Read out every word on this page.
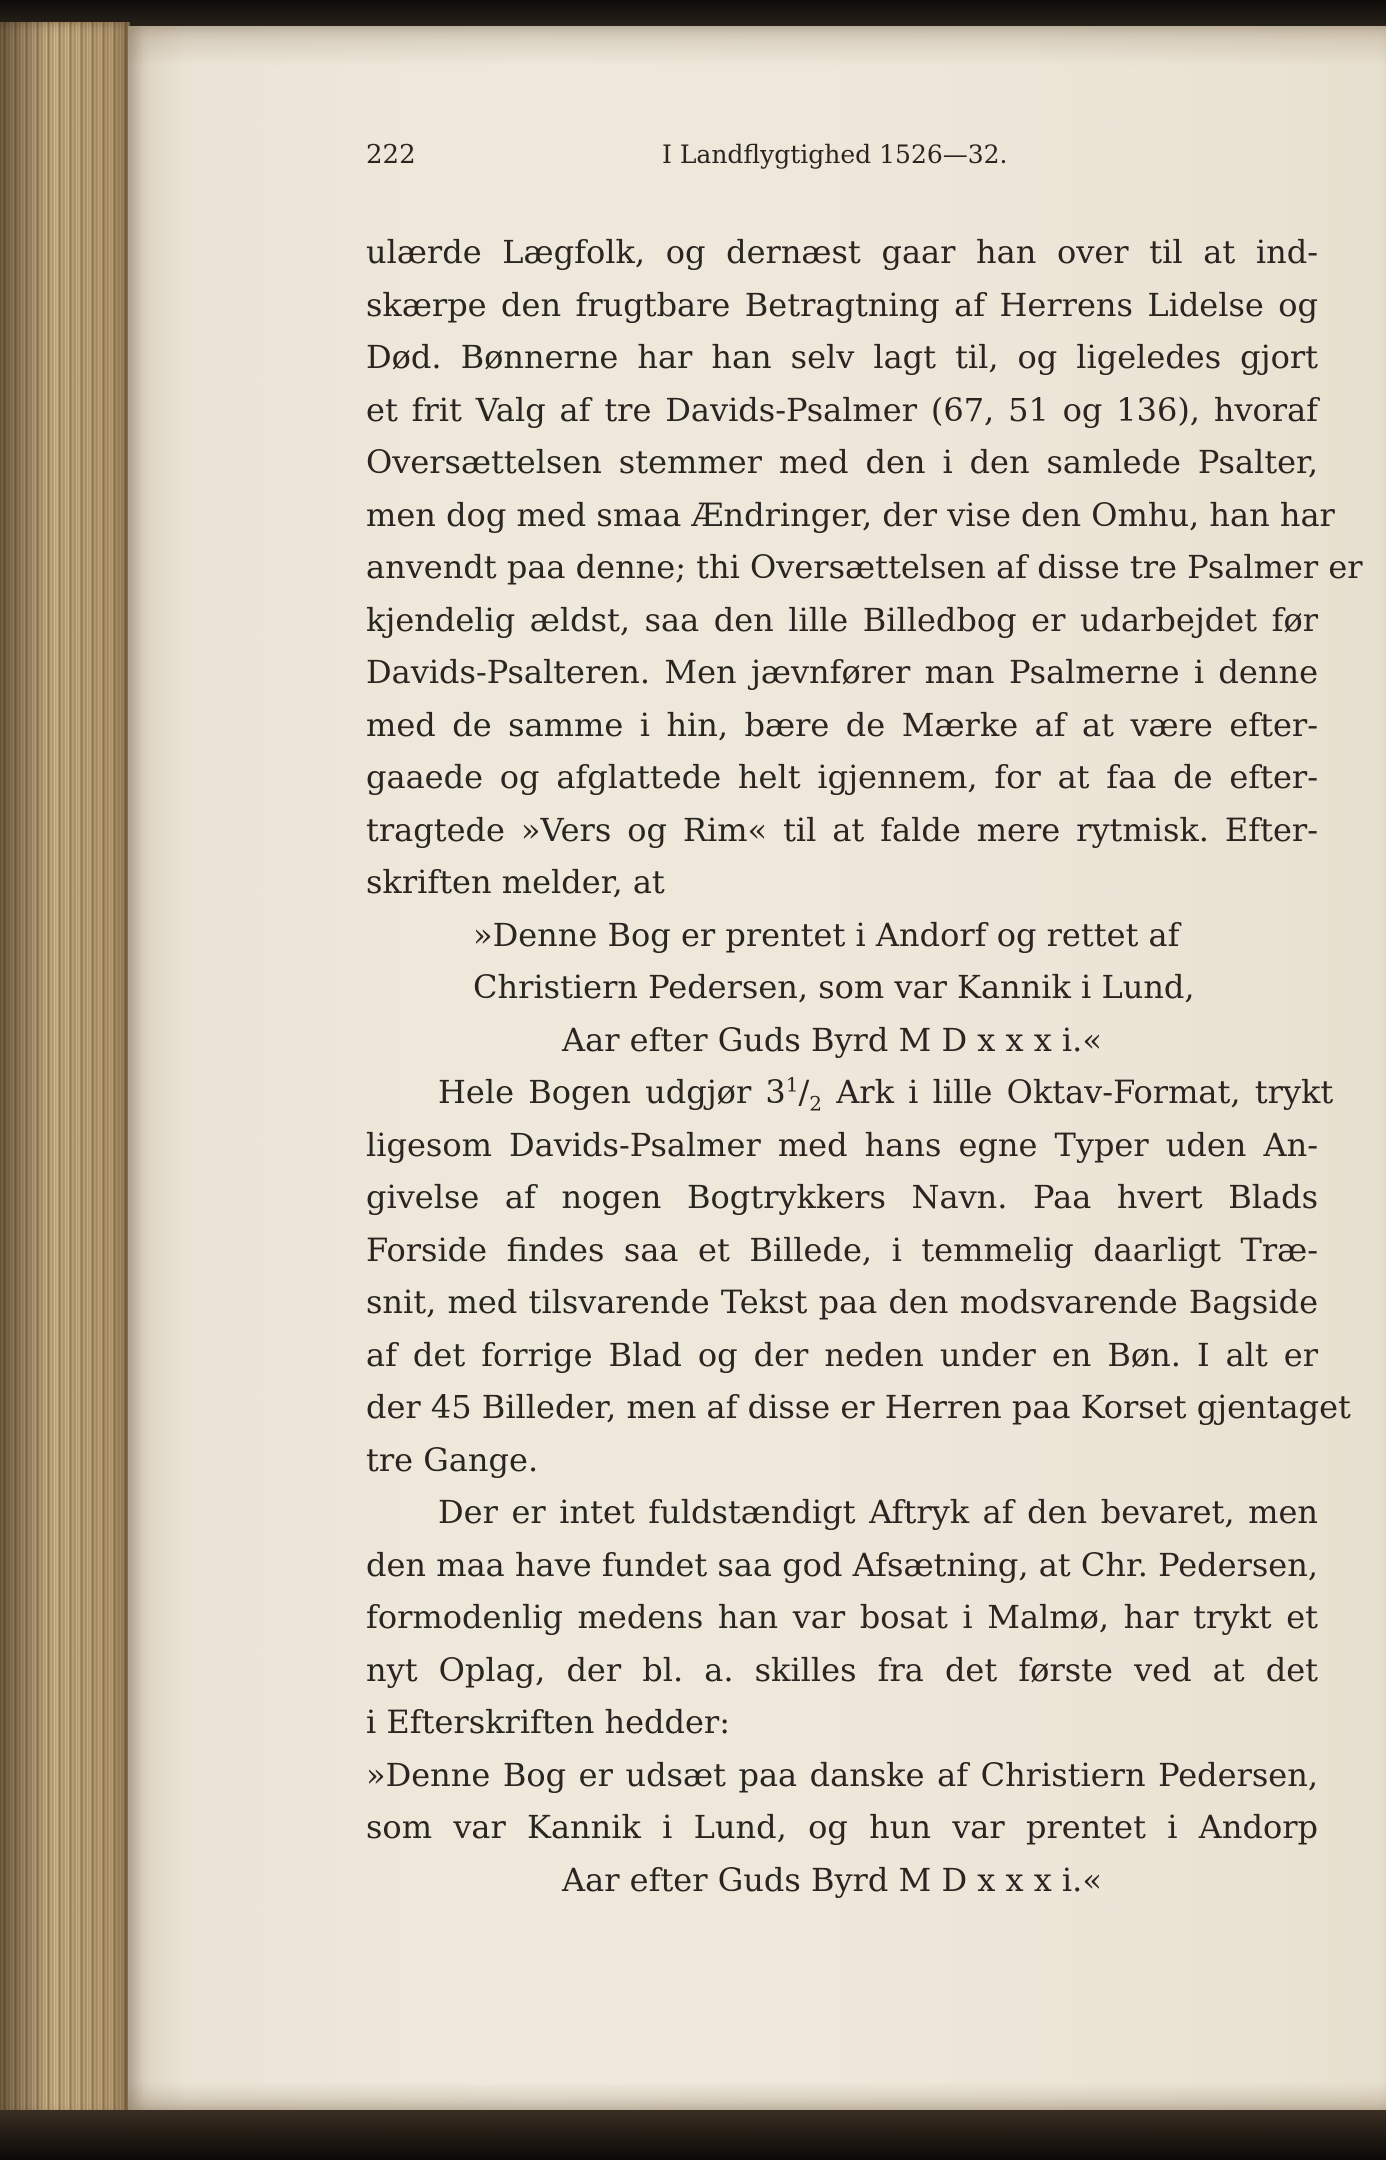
222	I Landflygtighed 1526—32.
ulærde Lægfolk, og dernæst gaar han over til at ind-
skærpe den frugtbare Betragtning af Herrens Lidelse og
Død. Bønnerne har han selv lagt til, og ligeledes gjort
et frit Valg af tre Davids-Psalmer (67, 51 og 136), hvoraf
Oversættelsen stemmer med den i den samlede Psalter,
men dog med smaa Ændringer, der vise den Omhu, han har
anvendt paa denne; thi Oversættelsen af disse tre Psalmer er
kjendelig ældst, saa den lille Billedbog er udarbejdet før
Davids-Psalteren. Men jævnfører man Psalmerne i denne
med de samme i hin, bære de Mærke af at være efter-
gaaede og afglattede helt igjennem, for at faa de efter-
tragtede »Vers og Rim« til at falde mere rytmisk. Efter-
skriften melder, at
»Denne Bog er prentet i Andorf og rettet af
Christiern Pedersen, som var Kannik i Lund,
Aar efter Guds Byrd M D x x x i.«
Hele Bogen udgjør $3^1/_2$ Ark i lille Oktav-Format, trykt
ligesom Davids-Psalmer med hans egne Typer uden An-
givelse af nogen Bogtrykkers Navn. Paa hvert Blads
Forside findes saa et Billede, i temmelig daarligt Træ-
snit, med tilsvarende Tekst paa den modsvarende Bagside
af det forrige Blad og der neden under en Bøn. I alt er
der 45 Billeder, men af disse er Herren paa Korset gjentaget
tre Gange.
Der er intet fuldstændigt Aftryk af den bevaret, men
den maa have fundet saa god Afsætning, at Chr. Pedersen,
formodenlig medens han var bosat i Malmø, har trykt et
nyt Oplag, der bl. a. skilles fra det første ved at det
i Efterskriften hedder:
»Denne Bog er udsæt paa danske af Christiern Pedersen,
som var Kannik i Lund, og hun var prentet i Andorp
Aar efter Guds Byrd M D x x x i.«
